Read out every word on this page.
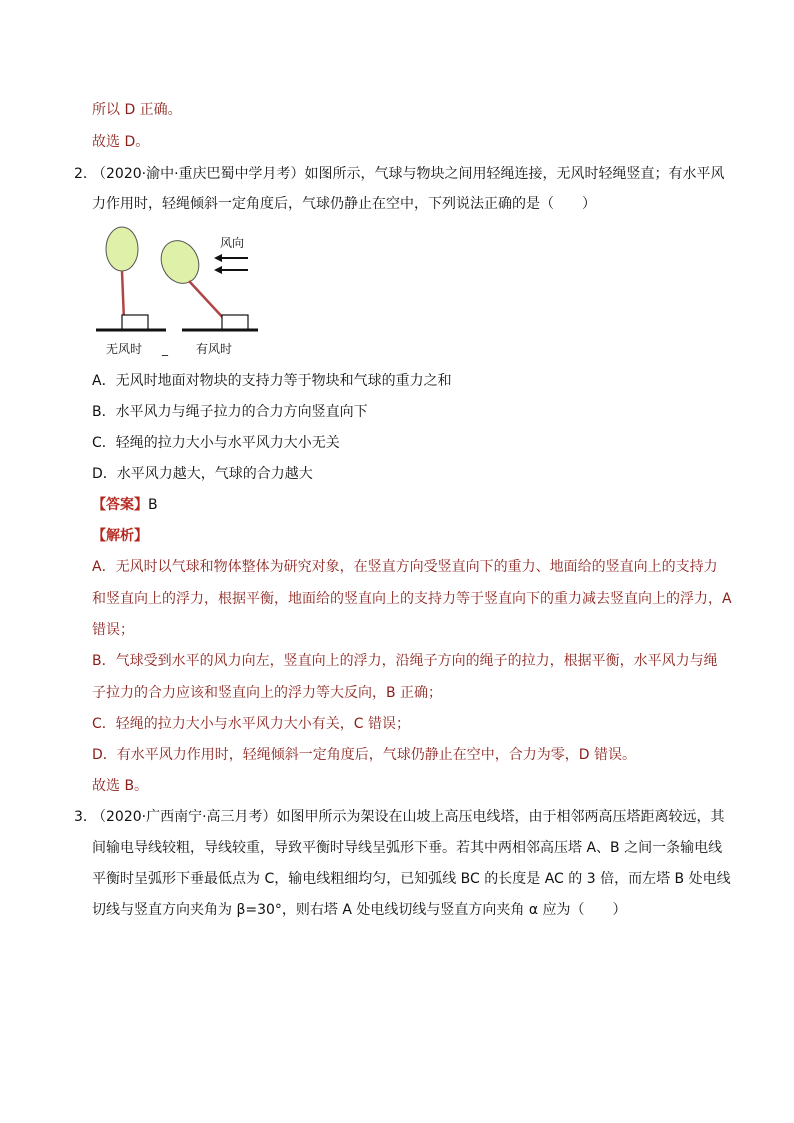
所以 D 正确。
故选 D。
2．
（2020·渝中·重庆巴蜀中学月考）如图所示，气球与物块之间用轻绳连接，无风时轻绳竖直；有水平风
力作用时，轻绳倾斜一定角度后，气球仍静止在空中，下列说法正确的是（　　）
风向
无风时 _ 有风时
A．无风时地面对物块的支持力等于物块和气球的重力之和
B．水平风力与绳子拉力的合力方向竖直向下
C．轻绳的拉力大小与水平风力大小无关
D．水平风力越大，气球的合力越大
【答案】B
【解析】
A．无风时以气球和物体整体为研究对象，在竖直方向受竖直向下的重力、地面给的竖直向上的支持力
和竖直向上的浮力，根据平衡，地面给的竖直向上的支持力等于竖直向下的重力减去竖直向上的浮力，A
错误；
B．气球受到水平的风力向左，竖直向上的浮力，沿绳子方向的绳子的拉力，根据平衡，水平风力与绳
子拉力的合力应该和竖直向上的浮力等大反向，B 正确；
C．轻绳的拉力大小与水平风力大小有关，C 错误；
D．有水平风力作用时，轻绳倾斜一定角度后，气球仍静止在空中，合力为零，D 错误。
故选 B。
3．
（2020·广西南宁·高三月考）如图甲所示为架设在山坡上高压电线塔，由于相邻两高压塔距离较远，其
间输电导线较粗，导线较重，导致平衡时导线呈弧形下垂。若其中两相邻高压塔 A、B 之间一条输电线
平衡时呈弧形下垂最低点为 C，输电线粗细均匀，已知弧线 BC 的长度是 AC 的 3 倍，而左塔 B 处电线
切线与竖直方向夹角为 β=30°，则右塔 A 处电线切线与竖直方向夹角 α 应为（　　）
